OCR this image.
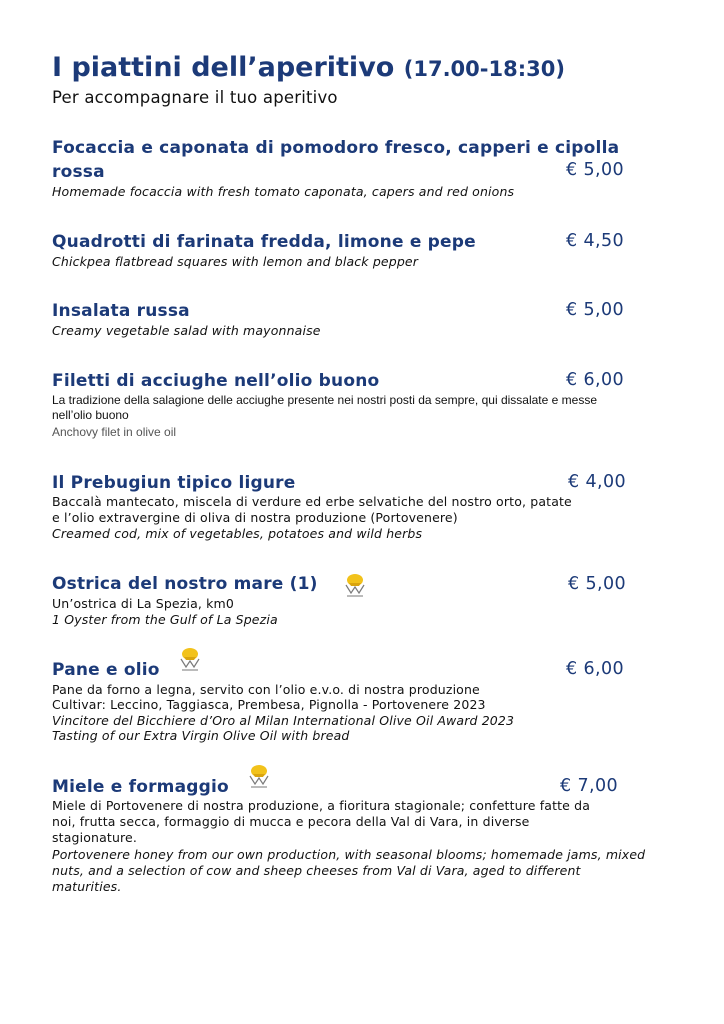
I piattini dell’aperitivo (17.00-18:30)
Per accompagnare il tuo aperitivo
Focaccia e caponata di pomodoro fresco, capperi e cipolla
rossa	€ 5,00
Homemade focaccia with fresh tomato caponata, capers and red onions
Quadrotti di farinata fredda, limone e pepe	€ 4,50
Chickpea flatbread squares with lemon and black pepper
Insalata russa	€ 5,00
Creamy vegetable salad with mayonnaise
Filetti di acciughe nell’olio buono	€ 6,00
La tradizione della salagione delle acciughe presente nei nostri posti da sempre, qui dissalate e messe
nell’olio buono
Anchovy filet in olive oil
Il Prebugiun tipico ligure	€ 4,00
Baccalà mantecato, miscela di verdure ed erbe selvatiche del nostro orto, patate
e l’olio extravergine di oliva di nostra produzione (Portovenere)
Creamed cod, mix of vegetables, potatoes and wild herbs
Ostrica del nostro mare (1)	€ 5,00
Un’ostrica di La Spezia, km0
1 Oyster from the Gulf of La Spezia
Pane e olio	€ 6,00
Pane da forno a legna, servito con l’olio e.v.o. di nostra produzione
Cultivar: Leccino, Taggiasca, Prembesa, Pignolla - Portovenere 2023
Vincitore del Bicchiere d’Oro al Milan International Olive Oil Award 2023
Tasting of our Extra Virgin Olive Oil with bread
Miele e formaggio	€ 7,00
Miele di Portovenere di nostra produzione, a fioritura stagionale; confetture fatte da
noi, frutta secca, formaggio di mucca e pecora della Val di Vara, in diverse
stagionature.
Portovenere honey from our own production, with seasonal blooms; homemade jams, mixed
nuts, and a selection of cow and sheep cheeses from Val di Vara, aged to different
maturities.
